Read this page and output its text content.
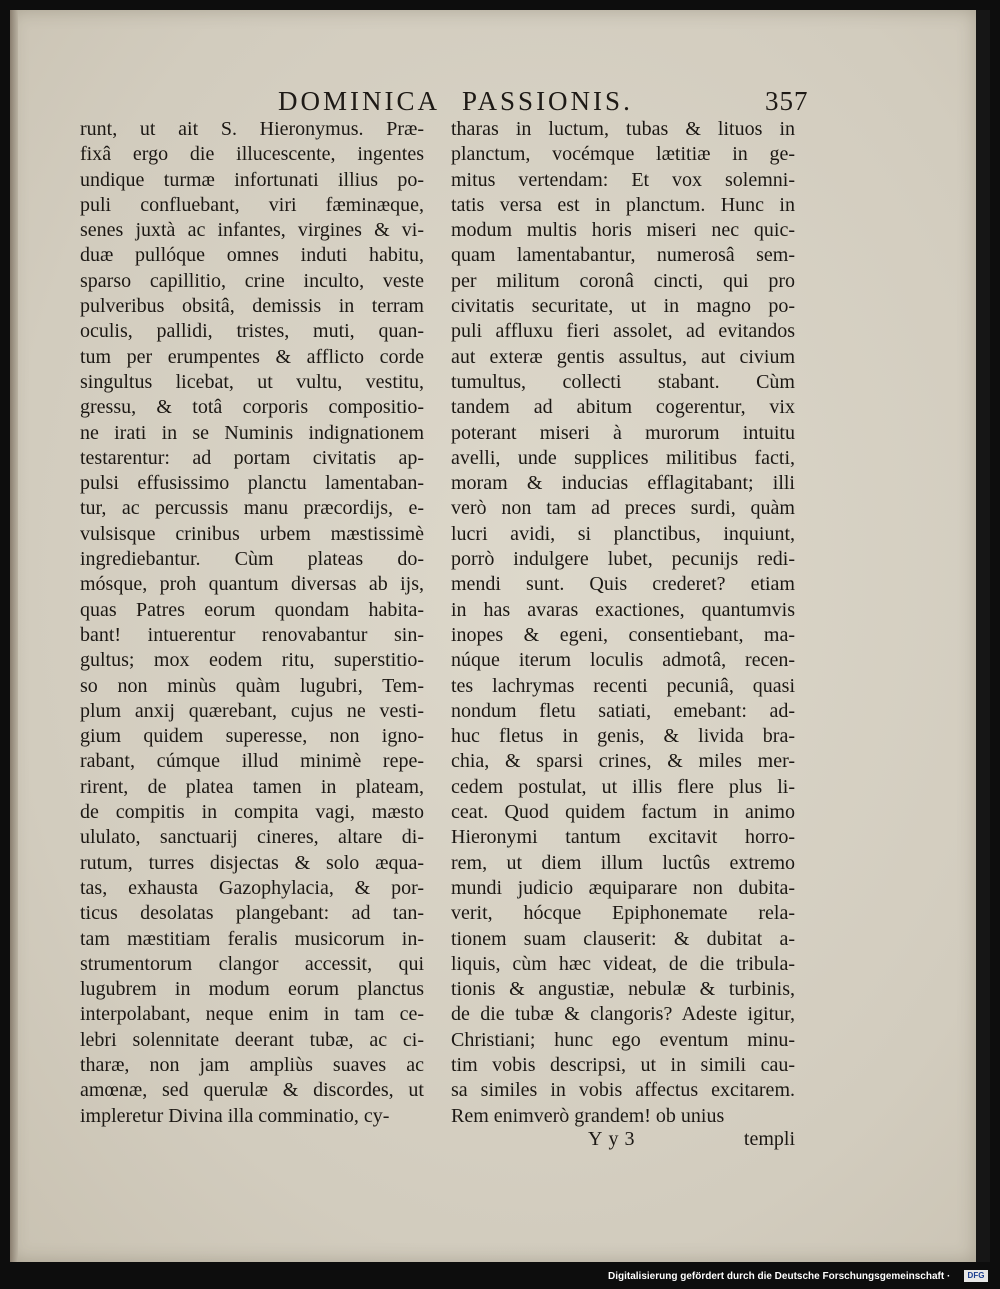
DOMINICA PASSIONIS.	357
runt, ut ait S. Hieronymus. Præ-
fixâ ergo die illucescente, ingentes
undique turmæ infortunati illius po-
puli confluebant, viri fæminæque,
senes juxtà ac infantes, virgines & vi-
duæ pullóque omnes induti habitu,
sparso capillitio, crine inculto, veste
pulveribus obsitâ, demissis in terram
oculis, pallidi, tristes, muti, quan-
tum per erumpentes & afflicto corde
singultus licebat, ut vultu, vestitu,
gressu, & totâ corporis compositio-
ne irati in se Numinis indignationem
testarentur: ad portam civitatis ap-
pulsi effusissimo planctu lamentaban-
tur, ac percussis manu præcordijs, e-
vulsisque crinibus urbem mæstissimè
ingrediebantur. Cùm plateas do-
mósque, proh quantum diversas ab ijs,
quas Patres eorum quondam habita-
bant! intuerentur renovabantur sin-
gultus; mox eodem ritu, superstitio-
so non minùs quàm lugubri, Tem-
plum anxij quærebant, cujus ne vesti-
gium quidem superesse, non igno-
rabant, cúmque illud minimè repe-
rirent, de platea tamen in plateam,
de compitis in compita vagi, mæsto
ululato, sanctuarij cineres, altare di-
rutum, turres disjectas & solo æqua-
tas, exhausta Gazophylacia, & por-
ticus desolatas plangebant: ad tan-
tam mæstitiam feralis musicorum in-
strumentorum clangor accessit, qui
lugubrem in modum eorum planctus
interpolabant, neque enim in tam ce-
lebri solennitate deerant tubæ, ac ci-
tharæ, non jam ampliùs suaves ac
amœnæ, sed querulæ & discordes, ut
impleretur Divina illa comminatio, cy-
tharas in luctum, tubas & lituos in
planctum, vocémque lætitiæ in ge-
mitus vertendam: Et vox solemni-
tatis versa est in planctum. Hunc in
modum multis horis miseri nec quic-
quam lamentabantur, numerosâ sem-
per militum coronâ cincti, qui pro
civitatis securitate, ut in magno po-
puli affluxu fieri assolet, ad evitandos
aut exteræ gentis assultus, aut civium
tumultus, collecti stabant. Cùm
tandem ad abitum cogerentur, vix
poterant miseri à murorum intuitu
avelli, unde supplices militibus facti,
moram & inducias efflagitabant; illi
verò non tam ad preces surdi, quàm
lucri avidi, si planctibus, inquiunt,
porrò indulgere lubet, pecunijs redi-
mendi sunt. Quis crederet? etiam
in has avaras exactiones, quantumvis
inopes & egeni, consentiebant, ma-
núque iterum loculis admotâ, recen-
tes lachrymas recenti pecuniâ, quasi
nondum fletu satiati, emebant: ad-
huc fletus in genis, & livida bra-
chia, & sparsi crines, & miles mer-
cedem postulat, ut illis flere plus li-
ceat. Quod quidem factum in animo
Hieronymi tantum excitavit horro-
rem, ut diem illum luctûs extremo
mundi judicio æquiparare non dubita-
verit, hócque Epiphonemate rela-
tionem suam clauserit: & dubitat a-
liquis, cùm hæc videat, de die tribula-
tionis & angustiæ, nebulæ & turbinis,
de die tubæ & clangoris? Adeste igitur,
Christiani; hunc ego eventum minu-
tim vobis descripsi, ut in simili cau-
sa similes in vobis affectus excitarem.
Rem enimverò grandem! ob unius
Yy3	templi
Digitalisierung gefördert durch die Deutsche Forschungsgemeinschaft ·	DFG
